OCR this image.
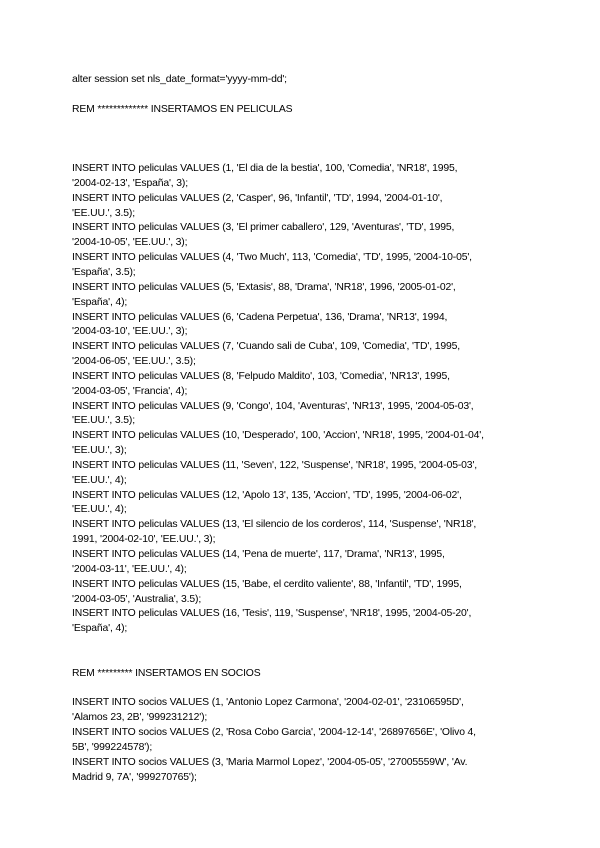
alter session set nls_date_format='yyyy-mm-dd';
REM ************* INSERTAMOS EN PELICULAS
INSERT INTO peliculas VALUES (1, 'El dia de la bestia', 100, 'Comedia', 'NR18', 1995,
'2004-02-13', 'España', 3);
INSERT INTO peliculas VALUES (2, 'Casper', 96, 'Infantil', 'TD', 1994, '2004-01-10',
'EE.UU.', 3.5);
INSERT INTO peliculas VALUES (3, 'El primer caballero', 129, 'Aventuras', 'TD', 1995,
'2004-10-05', 'EE.UU.', 3);
INSERT INTO peliculas VALUES (4, 'Two Much', 113, 'Comedia', 'TD', 1995, '2004-10-05',
'España', 3.5);
INSERT INTO peliculas VALUES (5, 'Extasis', 88, 'Drama', 'NR18', 1996, '2005-01-02',
'España', 4);
INSERT INTO peliculas VALUES (6, 'Cadena Perpetua', 136, 'Drama', 'NR13', 1994,
'2004-03-10', 'EE.UU.', 3);
INSERT INTO peliculas VALUES (7, 'Cuando sali de Cuba', 109, 'Comedia', 'TD', 1995,
'2004-06-05', 'EE.UU.', 3.5);
INSERT INTO peliculas VALUES (8, 'Felpudo Maldito', 103, 'Comedia', 'NR13', 1995,
'2004-03-05', 'Francia', 4);
INSERT INTO peliculas VALUES (9, 'Congo', 104, 'Aventuras', 'NR13', 1995, '2004-05-03',
'EE.UU.', 3.5);
INSERT INTO peliculas VALUES (10, 'Desperado', 100, 'Accion', 'NR18', 1995, '2004-01-04',
'EE.UU.', 3);
INSERT INTO peliculas VALUES (11, 'Seven', 122, 'Suspense', 'NR18', 1995, '2004-05-03',
'EE.UU.', 4);
INSERT INTO peliculas VALUES (12, 'Apolo 13', 135, 'Accion', 'TD', 1995, '2004-06-02',
'EE.UU.', 4);
INSERT INTO peliculas VALUES (13, 'El silencio de los corderos', 114, 'Suspense', 'NR18',
1991, '2004-02-10', 'EE.UU.', 3);
INSERT INTO peliculas VALUES (14, 'Pena de muerte', 117, 'Drama', 'NR13', 1995,
'2004-03-11', 'EE.UU.', 4);
INSERT INTO peliculas VALUES (15, 'Babe, el cerdito valiente', 88, 'Infantil', 'TD', 1995,
'2004-03-05', 'Australia', 3.5);
INSERT INTO peliculas VALUES (16, 'Tesis', 119, 'Suspense', 'NR18', 1995, '2004-05-20',
'España', 4);
REM ********* INSERTAMOS EN SOCIOS
INSERT INTO socios VALUES (1, 'Antonio Lopez Carmona', '2004-02-01', '23106595D',
'Alamos 23, 2B', '999231212');
INSERT INTO socios VALUES (2, 'Rosa Cobo Garcia', '2004-12-14', '26897656E', 'Olivo 4,
5B', '999224578');
INSERT INTO socios VALUES (3, 'Maria Marmol Lopez', '2004-05-05', '27005559W', 'Av.
Madrid 9, 7A', '999270765');
